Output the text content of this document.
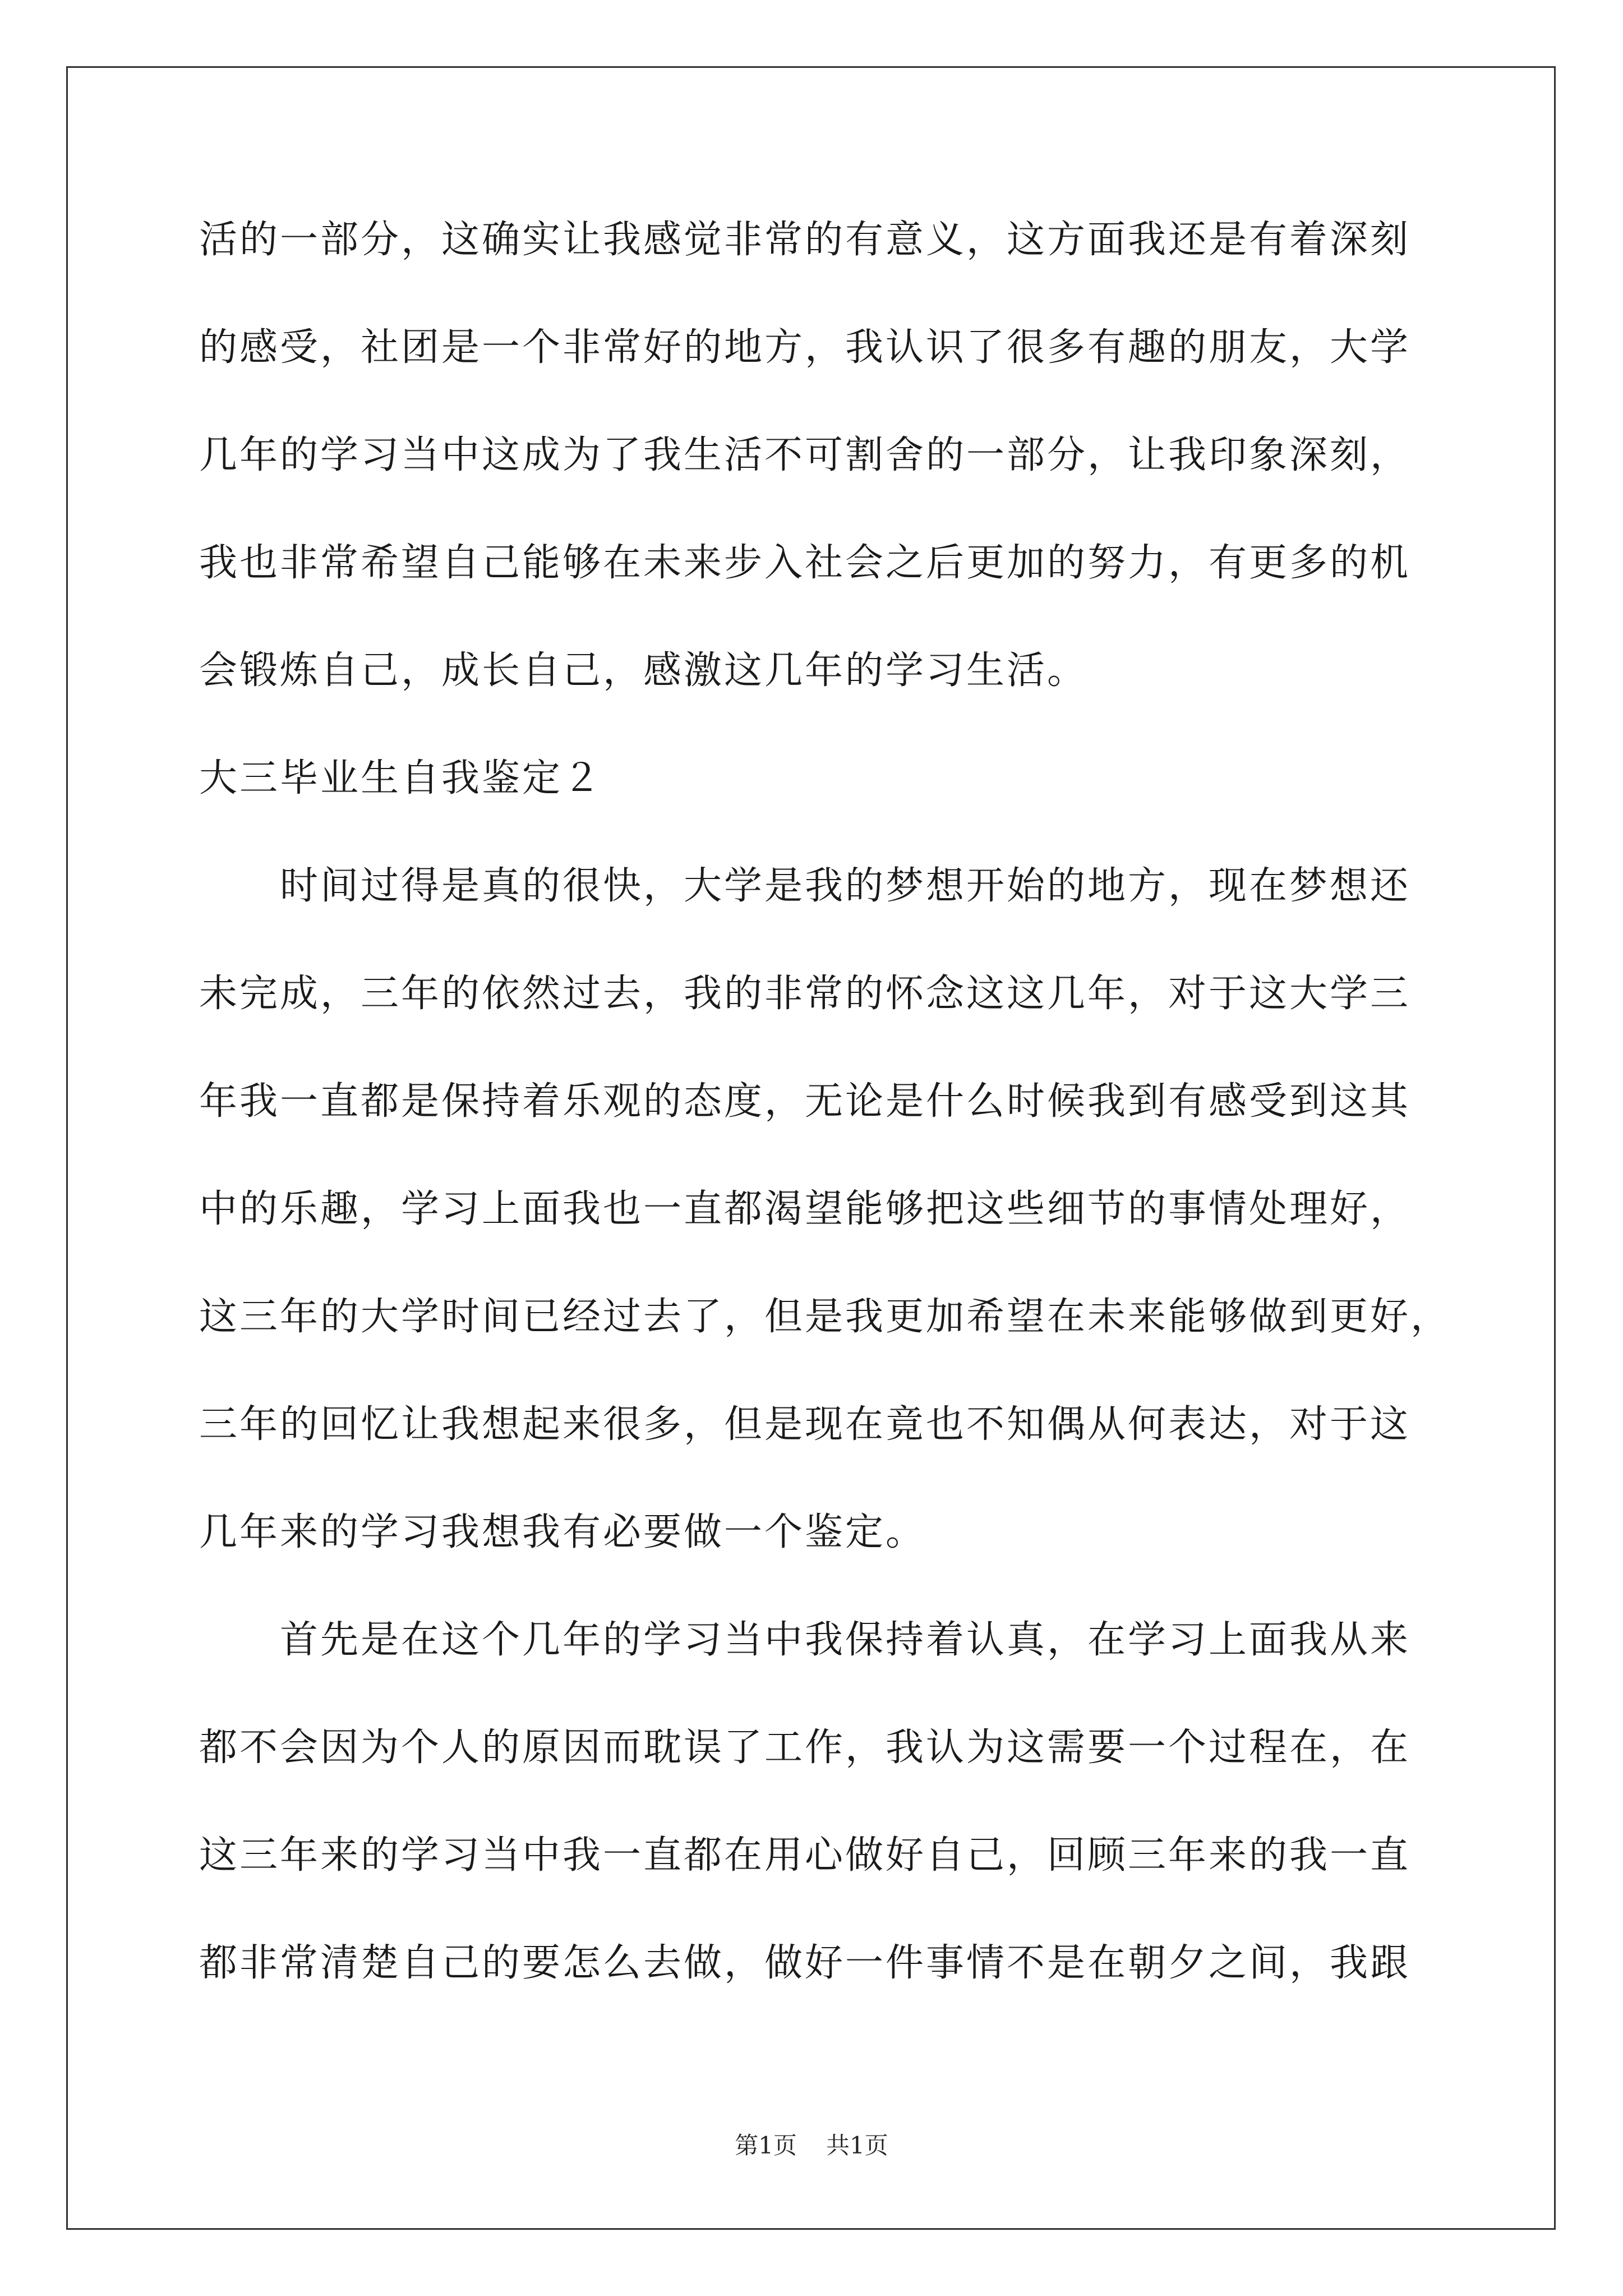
活的一部分，这确实让我感觉非常的有意义，这方面我还是有着深刻
的感受，社团是一个非常好的地方，我认识了很多有趣的朋友，大学
几年的学习当中这成为了我生活不可割舍的一部分，让我印象深刻，
我也非常希望自己能够在未来步入社会之后更加的努力，有更多的机
会锻炼自己，成长自己，感激这几年的学习生活。
大三毕业生自我鉴定２
　　时间过得是真的很快，大学是我的梦想开始的地方，现在梦想还
未完成，三年的依然过去，我的非常的怀念这这几年，对于这大学三
年我一直都是保持着乐观的态度，无论是什么时候我到有感受到这其
中的乐趣，学习上面我也一直都渴望能够把这些细节的事情处理好，
这三年的大学时间已经过去了，但是我更加希望在未来能够做到更好，
三年的回忆让我想起来很多，但是现在竟也不知偶从何表达，对于这
几年来的学习我想我有必要做一个鉴定。
　　首先是在这个几年的学习当中我保持着认真，在学习上面我从来
都不会因为个人的原因而耽误了工作，我认为这需要一个过程在，在
这三年来的学习当中我一直都在用心做好自己，回顾三年来的我一直
都非常清楚自己的要怎么去做，做好一件事情不是在朝夕之间，我跟
第1页 共1页
